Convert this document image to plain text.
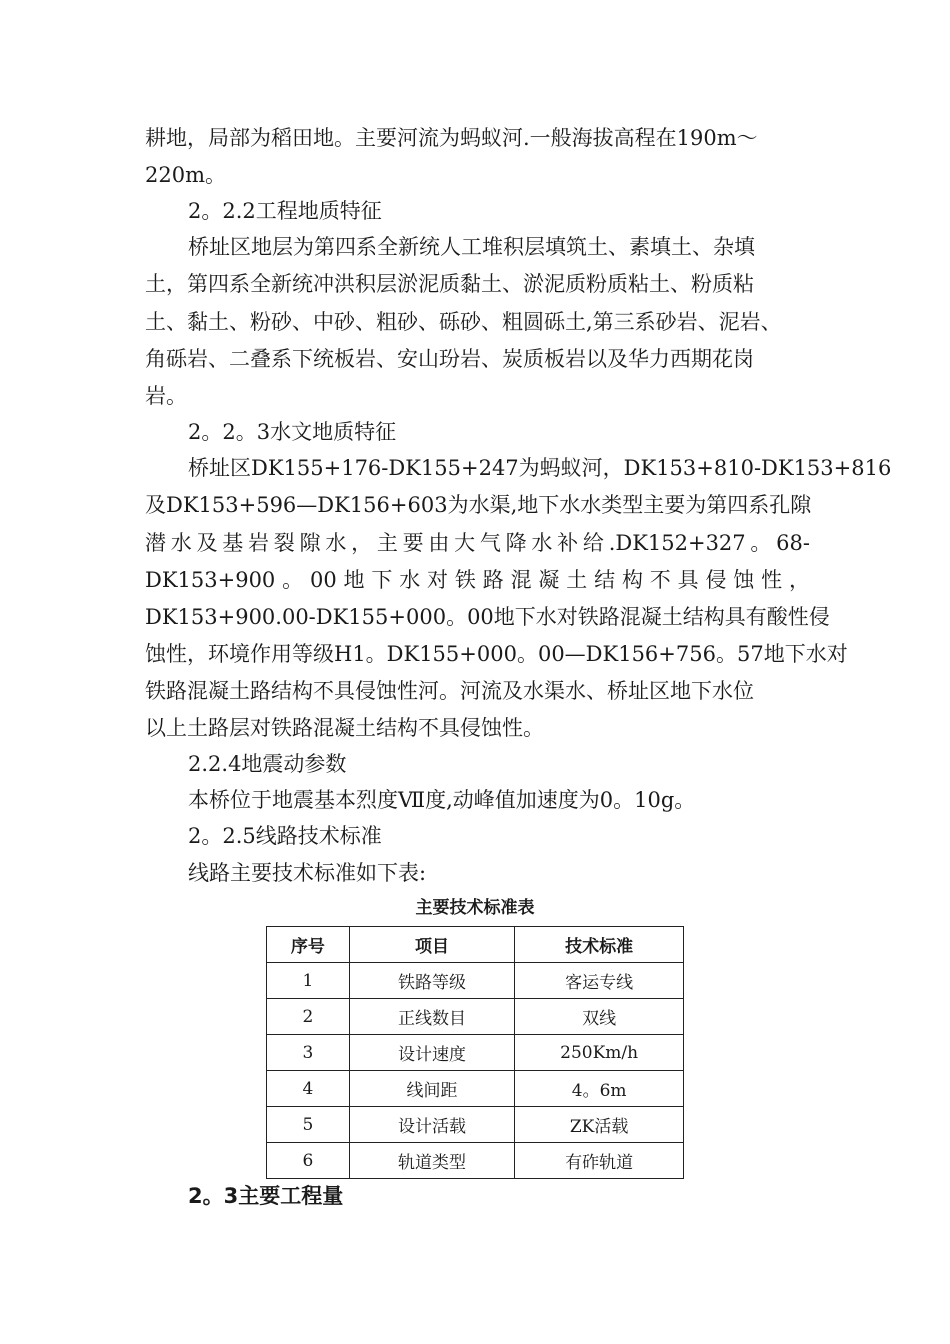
耕地，局部为稻田地。主要河流为蚂蚁河.一般海拔高程在190m～

220m。

2。2.2工程地质特征

桥址区地层为第四系全新统人工堆积层填筑土、素填土、杂填

土，第四系全新统冲洪积层淤泥质黏土、淤泥质粉质粘土、粉质粘

土、黏土、粉砂、中砂、粗砂、砾砂、粗圆砾土,第三系砂岩、泥岩、

角砾岩、二叠系下统板岩、安山玢岩、炭质板岩以及华力西期花岗

岩。

2。2。3水文地质特征

桥址区DK155+176-DK155+247为蚂蚁河，DK153+810-DK153+816

及DK153+596—DK156+603为水渠,地下水水类型主要为第四系孔隙

潜水及基岩裂隙水，主要由大气降水补给.DK152+327。68-

DK153+900。00地下水对铁路混凝土结构不具侵蚀性，

DK153+900.00-DK155+000。00地下水对铁路混凝土结构具有酸性侵

蚀性，环境作用等级H1。DK155+000。00—DK156+756。57地下水对

铁路混凝土路结构不具侵蚀性河。河流及水渠水、桥址区地下水位

以上土路层对铁路混凝土结构不具侵蚀性。

2.2.4地震动参数

本桥位于地震基本烈度Ⅶ度,动峰值加速度为0。10g。

2。2.5线路技术标准

线路主要技术标准如下表:

主要技术标准表
序号	项目	技术标准
1	铁路等级	客运专线
2	正线数目	双线
3	设计速度	250Km/h
4	线间距	4。6m
5	设计活载	ZK活载
6	轨道类型	有砟轨道

2。3主要工程量
